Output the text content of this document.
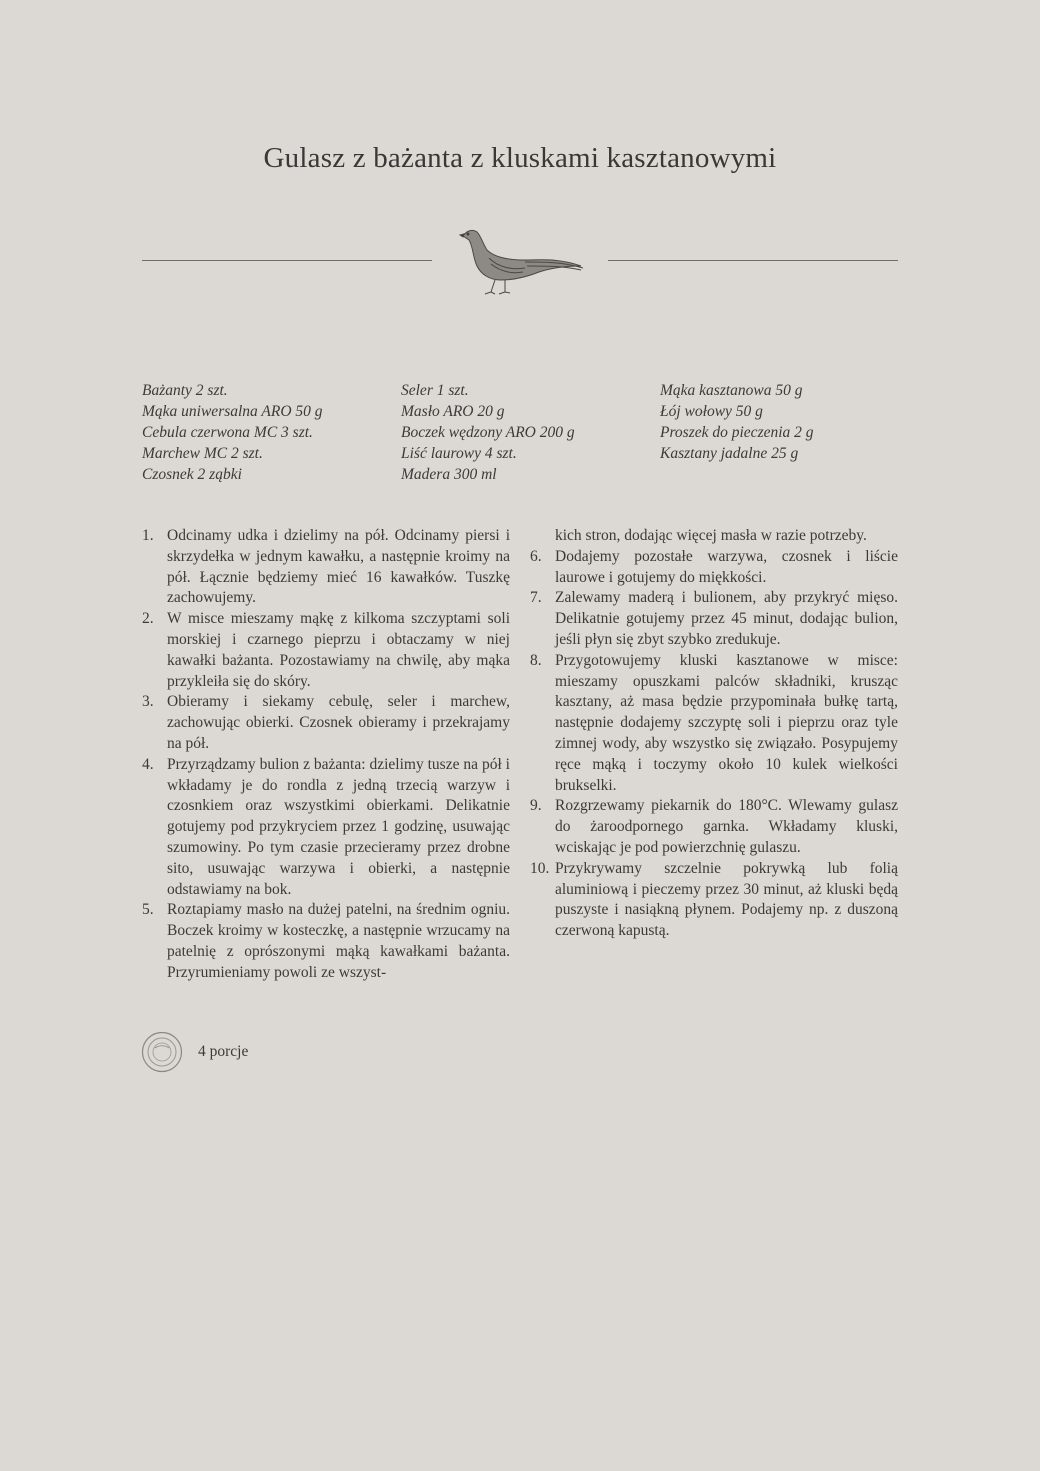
Gulasz z bażanta z kluskami kasztanowymi
Bażanty 2 szt.
Mąka uniwersalna ARO 50 g
Cebula czerwona MC 3 szt.
Marchew MC 2 szt.
Czosnek 2 ząbki
Seler 1 szt.
Masło ARO 20 g
Boczek wędzony ARO 200 g
Liść laurowy 4 szt.
Madera 300 ml
Mąka kasztanowa 50 g
Łój wołowy 50 g
Proszek do pieczenia 2 g
Kasztany jadalne 25 g
1. Odcinamy udka i dzielimy na pół. Odcinamy piersi i skrzydełka w jednym kawałku, a następnie kroimy na pół. Łącznie będziemy mieć 16 kawałków. Tuszkę zachowujemy.
2. W misce mieszamy mąkę z kilkoma szczyptami soli morskiej i czarnego pieprzu i obtaczamy w niej kawałki bażanta. Pozostawiamy na chwilę, aby mąka przykleiła się do skóry.
3. Obieramy i siekamy cebulę, seler i marchew, zachowując obierki. Czosnek obieramy i przekrajamy na pół.
4. Przyrządzamy bulion z bażanta: dzielimy tusze na pół i wkładamy je do rondla z jedną trzecią warzyw i czosnkiem oraz wszystkimi obierkami. Delikatnie gotujemy pod przykryciem przez 1 godzinę, usuwając szumowiny. Po tym czasie przecieramy przez drobne sito, usuwając warzywa i obierki, a następnie odstawiamy na bok.
5. Roztapiamy masło na dużej patelni, na średnim ogniu. Boczek kroimy w kosteczkę, a następnie wrzucamy na patelnię z oprószonymi mąką kawałkami bażanta. Przyrumieniamy powoli ze wszyst-
kich stron, dodając więcej masła w razie potrzeby.
6. Dodajemy pozostałe warzywa, czosnek i liście laurowe i gotujemy do miękkości.
7. Zalewamy maderą i bulionem, aby przykryć mięso. Delikatnie gotujemy przez 45 minut, dodając bulion, jeśli płyn się zbyt szybko zredukuje.
8. Przygotowujemy kluski kasztanowe w misce: mieszamy opuszkami palców składniki, krusząc kasztany, aż masa będzie przypominała bułkę tartą, następnie dodajemy szczyptę soli i pieprzu oraz tyle zimnej wody, aby wszystko się związało. Posypujemy ręce mąką i toczymy około 10 kulek wielkości brukselki.
9. Rozgrzewamy piekarnik do 180°C. Wlewamy gulasz do żaroodpornego garnka. Wkładamy kluski, wciskając je pod powierzchnię gulaszu.
10. Przykrywamy szczelnie pokrywką lub folią aluminiową i pieczemy przez 30 minut, aż kluski będą puszyste i nasiąkną płynem. Podajemy np. z duszoną czerwoną kapustą.
4 porcje
